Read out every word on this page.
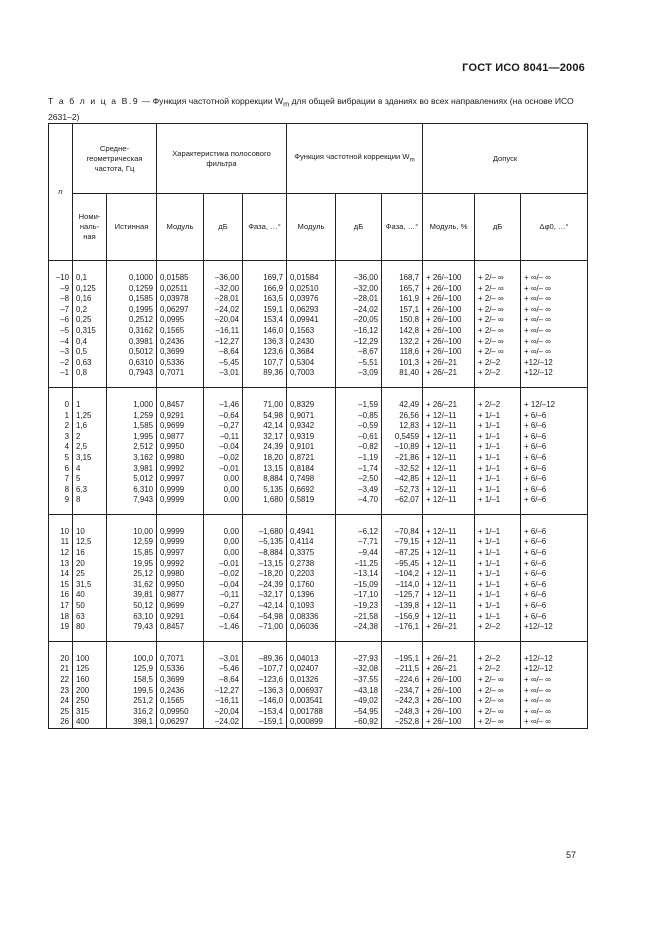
ГОСТ ИСО 8041—2006
Т а б л и ц а В.9 — Функция частотной коррекции $W_m$ для общей вибрации в зданиях во всех направлениях (на основе ИСО 2631–2)
n	Средне-геометрическая частота, Гц		Характеристика полосового фильтра			Функция частотной коррекции $W_m$			Допуск		
	Номи-наль-ная	Истинная	Модуль	дБ	Фаза, …°	Модуль	дБ	Фаза, …°	Модуль, %	дБ	Δφ0, …°
–10	0,1	0,1000	0,01585	–36,00	169,7	0,01584	–36,00	168,7	+ 26/–100	+ 2/– ∞	+ ∞/– ∞
–9	0,125	0,1259	0,02511	–32,00	166,9	0,02510	–32,00	165,7	+ 26/–100	+ 2/– ∞	+ ∞/– ∞
–8	0,16	0,1585	0,03978	–28,01	163,5	0,03976	–28,01	161,9	+ 26/–100	+ 2/– ∞	+ ∞/– ∞
–7	0,2	0,1995	0,06297	–24,02	159,1	0,06293	–24,02	157,1	+ 26/–100	+ 2/– ∞	+ ∞/– ∞
–6	0,25	0,2512	0,0995	–20,04	153,4	0,09941	–20,05	150,8	+ 26/–100	+ 2/– ∞	+ ∞/– ∞
–5	0,315	0,3162	0,1565	–16,11	146,0	0,1563	–16,12	142,8	+ 26/–100	+ 2/– ∞	+ ∞/– ∞
–4	0,4	0,3981	0,2436	–12,27	136,3	0,2430	–12,29	132,2	+ 26/–100	+ 2/– ∞	+ ∞/– ∞
–3	0,5	0,5012	0,3699	–8,64	123,6	0,3684	–8,67	118,6	+ 26/–100	+ 2/– ∞	+ ∞/– ∞
–2	0,63	0,6310	0,5336	–5,45	107,7	0,5304	–5,51	101,3	+ 26/–21	+ 2/–2	+12/–12
–1	0,8	0,7943	0,7071	–3,01	89,36	0,7003	–3,09	81,40	+ 26/–21	+ 2/–2	+12/–12
0	1	1,000	0,8457	–1,46	71,00	0,8329	–1,59	42,49	+ 26/–21	+ 2/–2	+ 12/–12
1	1,25	1,259	0,9291	–0,64	54,98	0,9071	–0,85	26,56	+ 12/–11	+ 1/–1	+ 6/–6
2	1,6	1,585	0,9699	–0,27	42,14	0,9342	–0,59	12,83	+ 12/–11	+ 1/–1	+ 6/–6
3	2	1,995	0,9877	–0,11	32,17	0,9319	–0,61	0,5459	+ 12/–11	+ 1/–1	+ 6/–6
4	2,5	2,512	0,9950	–0,04	24,39	0,9101	–0,82	–10,89	+ 12/–11	+ 1/–1	+ 6/–6
5	3,15	3,162	0,9980	–0,02	18,20	0,8721	–1,19	–21,86	+ 12/–11	+ 1/–1	+ 6/–6
6	4	3,981	0,9992	–0,01	13,15	0,8184	–1,74	–32,52	+ 12/–11	+ 1/–1	+ 6/–6
7	5	5,012	0,9997	0,00	8,884	0,7498	–2,50	–42,85	+ 12/–11	+ 1/–1	+ 6/–6
8	6,3	6,310	0,9999	0,00	5,135	0,6692	–3,49	–52,73	+ 12/–11	+ 1/–1	+ 6/–6
9	8	7,943	0,9999	0,00	1,680	0,5819	–4,70	–62,07	+ 12/–11	+ 1/–1	+ 6/–6
10	10	10,00	0,9999	0,00	–1,680	0,4941	–6,12	–70,84	+ 12/–11	+ 1/–1	+ 6/–6
11	12,5	12,59	0,9999	0,00	–5,135	0,4114	–7,71	–79,15	+ 12/–11	+ 1/–1	+ 6/–6
12	16	15,85	0,9997	0,00	–8,884	0,3375	–9,44	–87,25	+ 12/–11	+ 1/–1	+ 6/–6
13	20	19,95	0,9992	–0,01	–13,15	0,2738	–11,25	–95,45	+ 12/–11	+ 1/–1	+ 6/–6
14	25	25,12	0,9980	–0,02	–18,20	0,2203	–13,14	–104,2	+ 12/–11	+ 1/–1	+ 6/–6
15	31,5	31,62	0,9950	–0,04	–24,39	0,1760	–15,09	–114,0	+ 12/–11	+ 1/–1	+ 6/–6
16	40	39,81	0,9877	–0,11	–32,17	0,1396	–17,10	–125,7	+ 12/–11	+ 1/–1	+ 6/–6
17	50	50,12	0,9699	–0,27	–42,14	0,1093	–19,23	–139,8	+ 12/–11	+ 1/–1	+ 6/–6
18	63	63,10	0,9291	–0,64	–54,98	0,08336	–21,58	–156,9	+ 12/–11	+ 1/–1	+ 6/–6
19	80	79,43	0,8457	–1,46	–71,00	0,06036	–24,38	–176,1	+ 26/–21	+ 2/–2	+12/–12
20	100	100,0	0,7071	–3,01	–89,36	0,04013	–27,93	–195,1	+ 26/–21	+ 2/–2	+12/–12
21	125	125,9	0,5336	–5,46	–107,7	0,02407	–32,08	–211,5	+ 26/–21	+ 2/–2	+12/–12
22	160	158,5	0,3699	–8,64	–123,6	0,01326	–37,55	–224,6	+ 26/–100	+ 2/– ∞	+ ∞/– ∞
23	200	199,5	0,2436	–12,27	–136,3	0,006937	–43,18	–234,7	+ 26/–100	+ 2/– ∞	+ ∞/– ∞
24	250	251,2	0,1565	–16,11	–146,0	0,003541	–49,02	–242,3	+ 26/–100	+ 2/– ∞	+ ∞/– ∞
25	315	316,2	0,09950	–20,04	–153,4	0,001788	–54,95	–248,3	+ 26/–100	+ 2/– ∞	+ ∞/– ∞
26	400	398,1	0,06297	–24,02	–159,1	0,000899	–60,92	–252,8	+ 26/–100	+ 2/– ∞	+ ∞/– ∞
57
